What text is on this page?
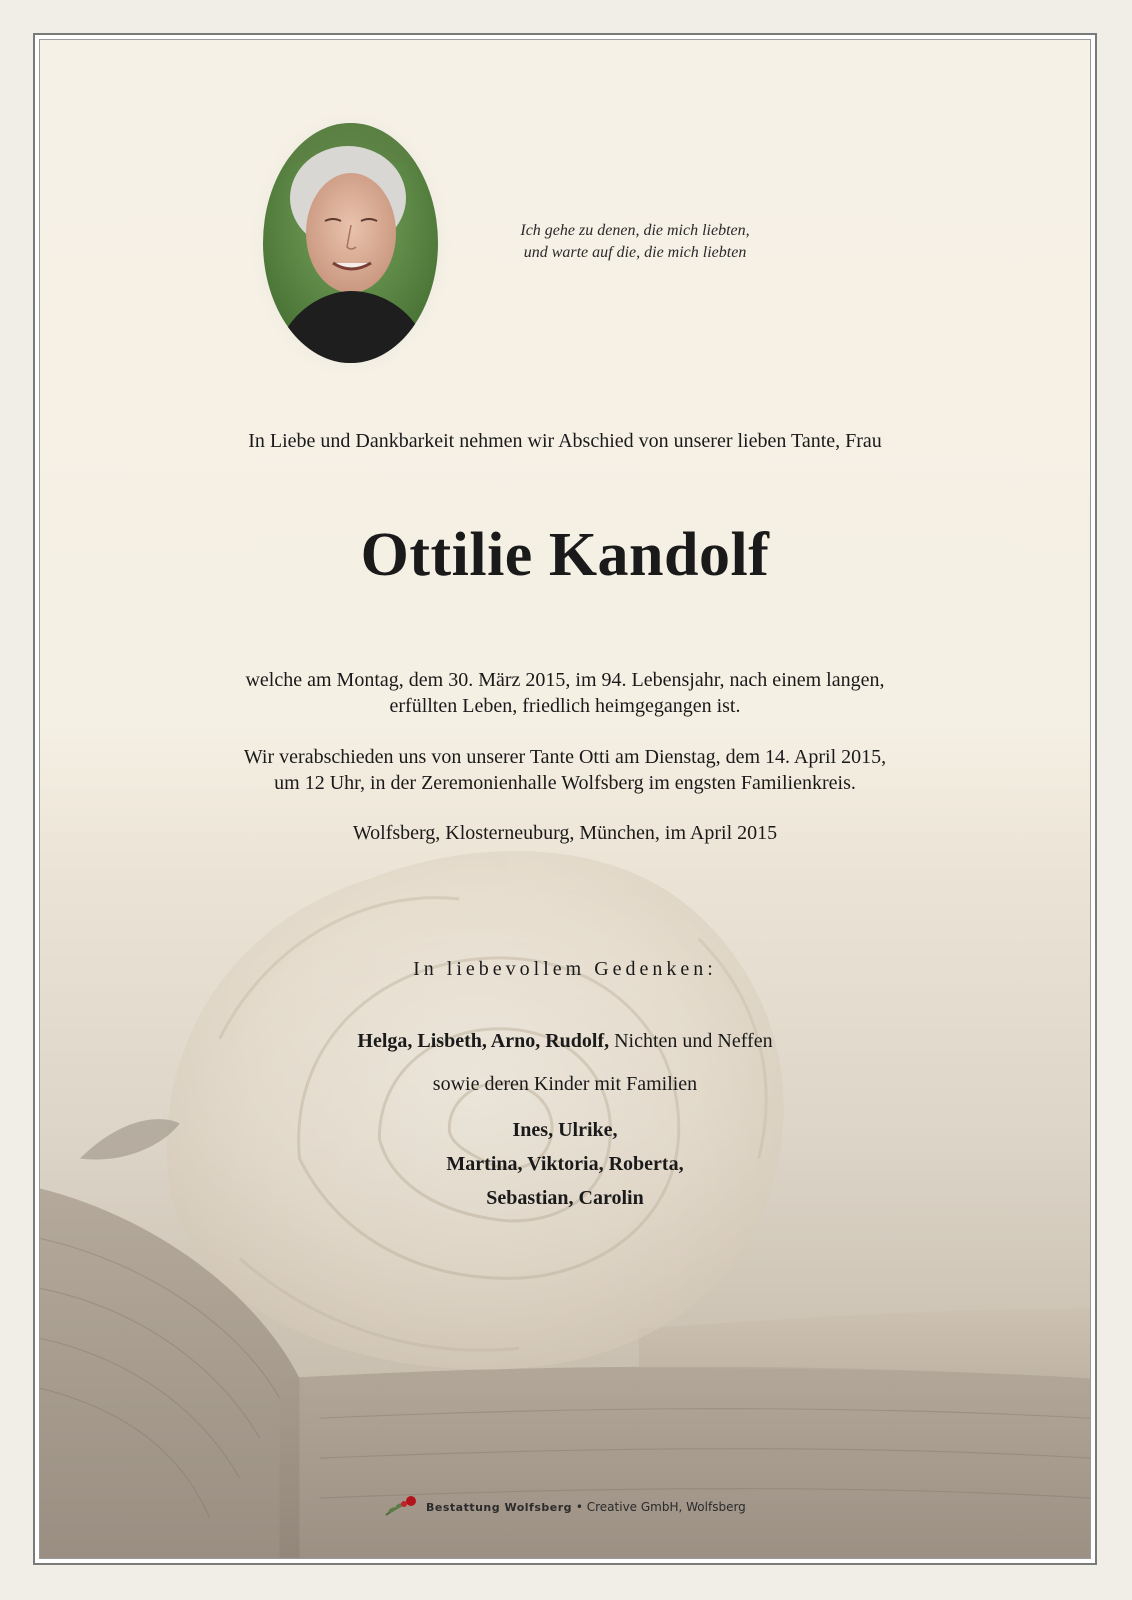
Ich gehe zu denen, die mich liebten,
und warte auf die, die mich liebten
In Liebe und Dankbarkeit nehmen wir Abschied von unserer lieben Tante, Frau
Ottilie Kandolf
welche am Montag, dem 30. März 2015, im 94. Lebensjahr, nach einem langen,
erfüllten Leben, friedlich heimgegangen ist.
Wir verabschieden uns von unserer Tante Otti am Dienstag, dem 14. April 2015,
um 12 Uhr, in der Zeremonienhalle Wolfsberg im engsten Familienkreis.
Wolfsberg, Klosterneuburg, München, im April 2015
In liebevollem Gedenken:
Helga, Lisbeth, Arno, Rudolf, Nichten und Neffen
sowie deren Kinder mit Familien
Ines, Ulrike,
Martina, Viktoria, Roberta,
Sebastian, Carolin
Bestattung Wolfsberg • Creative GmbH, Wolfsberg
